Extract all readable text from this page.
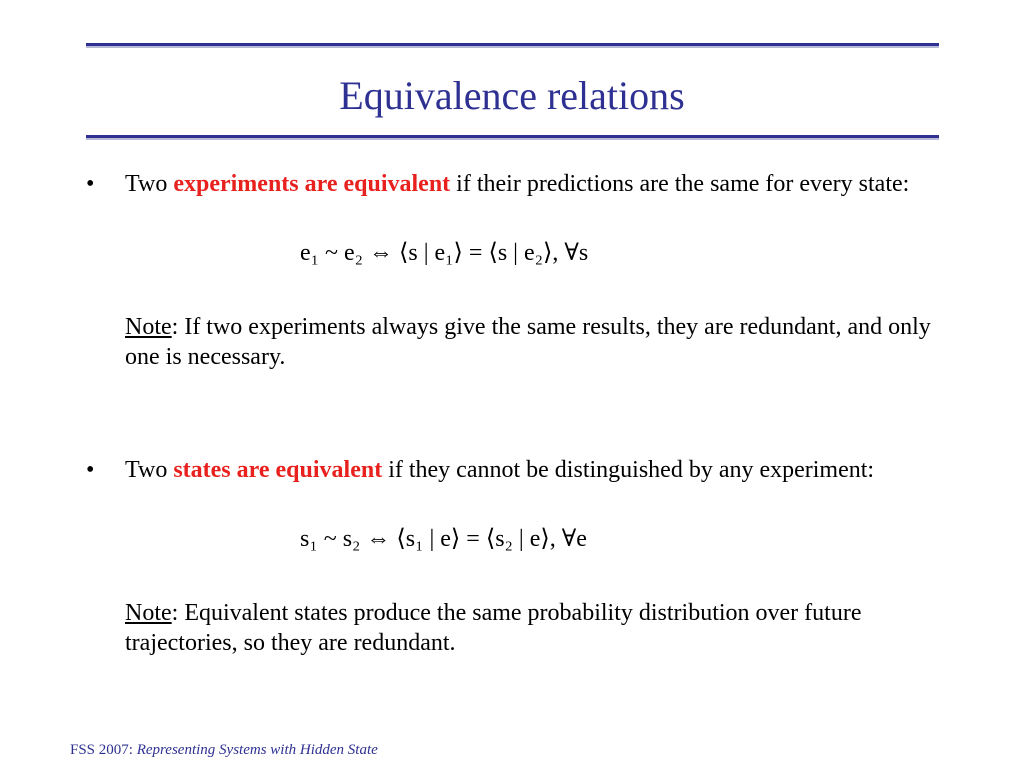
Equivalence relations
• Two experiments are equivalent if their predictions are the same for every state:
e₁ ~ e₂ ⇔ ⟨s | e₁⟩ = ⟨s | e₂⟩, ∀s
Note: If two experiments always give the same results, they are redundant, and only one is necessary.
• Two states are equivalent if they cannot be distinguished by any experiment:
s₁ ~ s₂ ⇔ ⟨s₁ | e⟩ = ⟨s₂ | e⟩, ∀e
Note: Equivalent states produce the same probability distribution over future trajectories, so they are redundant.
FSS 2007: Representing Systems with Hidden State
